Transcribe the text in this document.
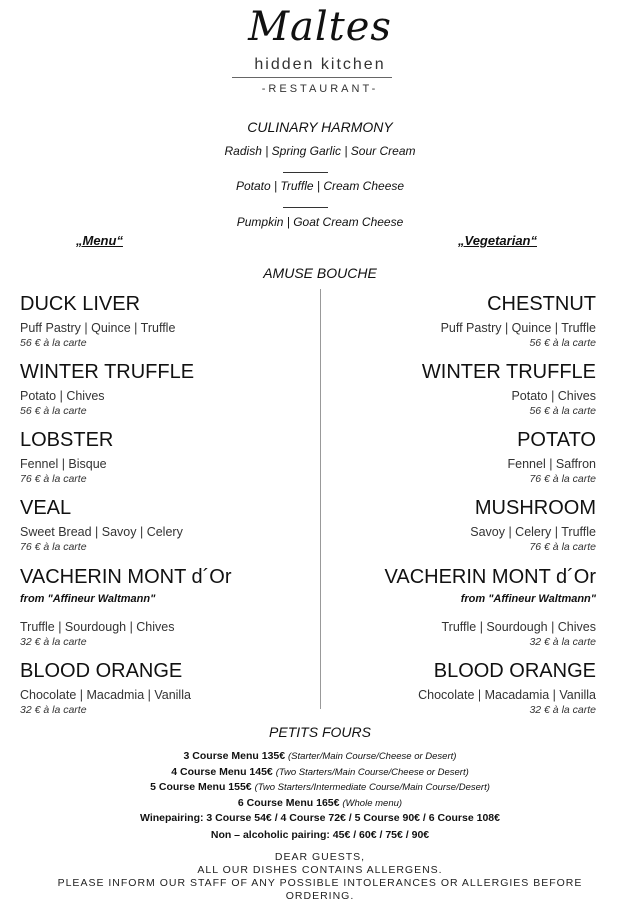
Maltes
hidden kitchen
-RESTAURANT-
CULINARY HARMONY
Radish | Spring Garlic | Sour Cream
Potato | Truffle | Cream Cheese
Pumpkin | Goat Cream Cheese
„Menu“	„Vegetarian“
AMUSE BOUCHE
DUCK LIVER
Puff Pastry | Quince | Truffle
56 € à la carte
WINTER TRUFFLE
Potato | Chives
56 € à la carte
LOBSTER
Fennel | Bisque
76 € à la carte
VEAL
Sweet Bread | Savoy | Celery
76 € à la carte
VACHERIN MONT d´Or
from "Affineur Waltmann"
Truffle | Sourdough | Chives
32 € à la carte
BLOOD ORANGE
Chocolate | Macadmia | Vanilla
32 € à la carte
CHESTNUT
Puff Pastry | Quince | Truffle
56 € à la carte
WINTER TRUFFLE
Potato | Chives
56 € à la carte
POTATO
Fennel | Saffron
76 € à la carte
MUSHROOM
Savoy | Celery | Truffle
76 € à la carte
VACHERIN MONT d´Or
from "Affineur Waltmann"
Truffle | Sourdough | Chives
32 € à la carte
BLOOD ORANGE
Chocolate | Macadamia | Vanilla
32 € à la carte
PETITS FOURS
3 Course Menu 135€ (Starter/Main Course/Cheese or Desert)
4 Course Menu 145€ (Two Starters/Main Course/Cheese or Desert)
5 Course Menu 155€ (Two Starters/Intermediate Course/Main Course/Desert)
6 Course Menu 165€ (Whole menu)
Winepairing: 3 Course 54€ / 4 Course 72€ / 5 Course 90€ / 6 Course 108€
Non – alcoholic pairing: 45€ / 60€ / 75€ / 90€
DEAR GUESTS,
ALL OUR DISHES CONTAINS ALLERGENS.
PLEASE INFORM OUR STAFF OF ANY POSSIBLE INTOLERANCES OR ALLERGIES BEFORE
ORDERING.
